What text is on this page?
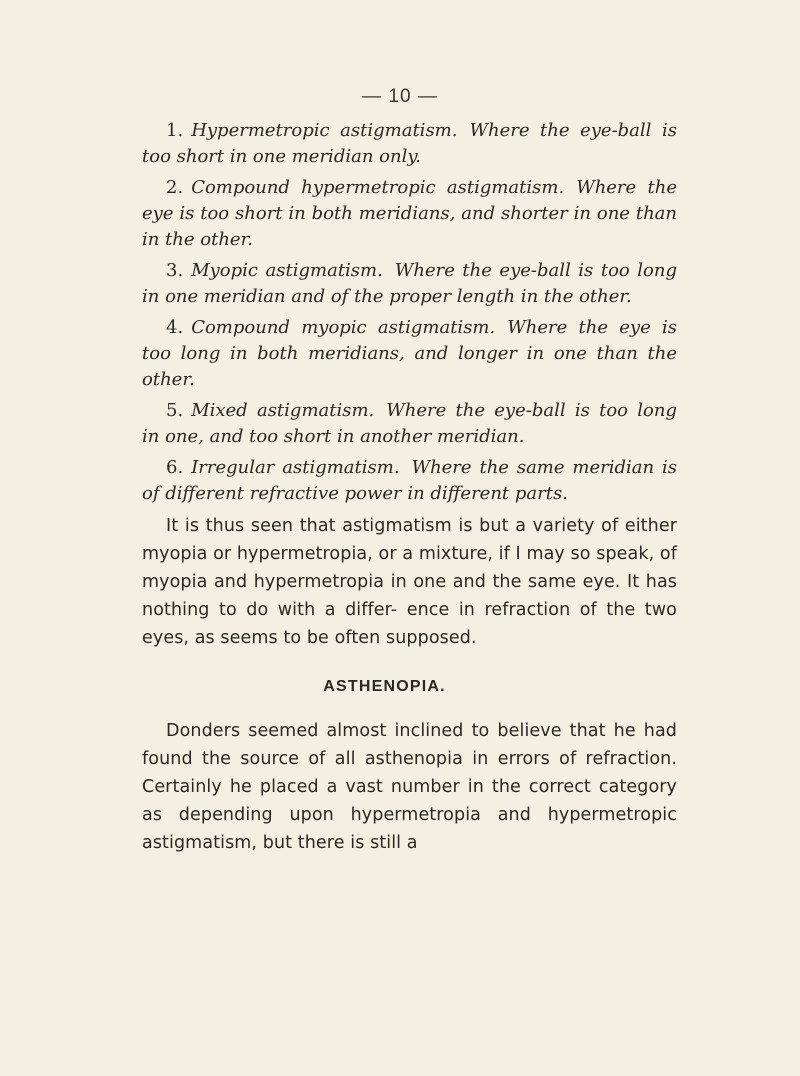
— 10 —

1. Hypermetropic astigmatism. Where the eye-ball is too short in one meridian only.

2. Compound hypermetropic astigmatism. Where the eye is too short in both meridians, and shorter in one than in the other.

3. Myopic astigmatism. Where the eye-ball is too long in one meridian and of the proper length in the other.

4. Compound myopic astigmatism. Where the eye is too long in both meridians, and longer in one than the other.

5. Mixed astigmatism. Where the eye-ball is too long in one, and too short in another meridian.

6. Irregular astigmatism. Where the same meridian is of different refractive power in different parts.

It is thus seen that astigmatism is but a variety of either myopia or hypermetropia, or a mixture, if I may so speak, of myopia and hypermetropia in one and the same eye. It has nothing to do with a differ- ence in refraction of the two eyes, as seems to be often supposed.

ASTHENOPIA.

Donders seemed almost inclined to believe that he had found the source of all asthenopia in errors of refraction. Certainly he placed a vast number in the correct category as depending upon hypermetropia and hypermetropic astigmatism, but there is still a
